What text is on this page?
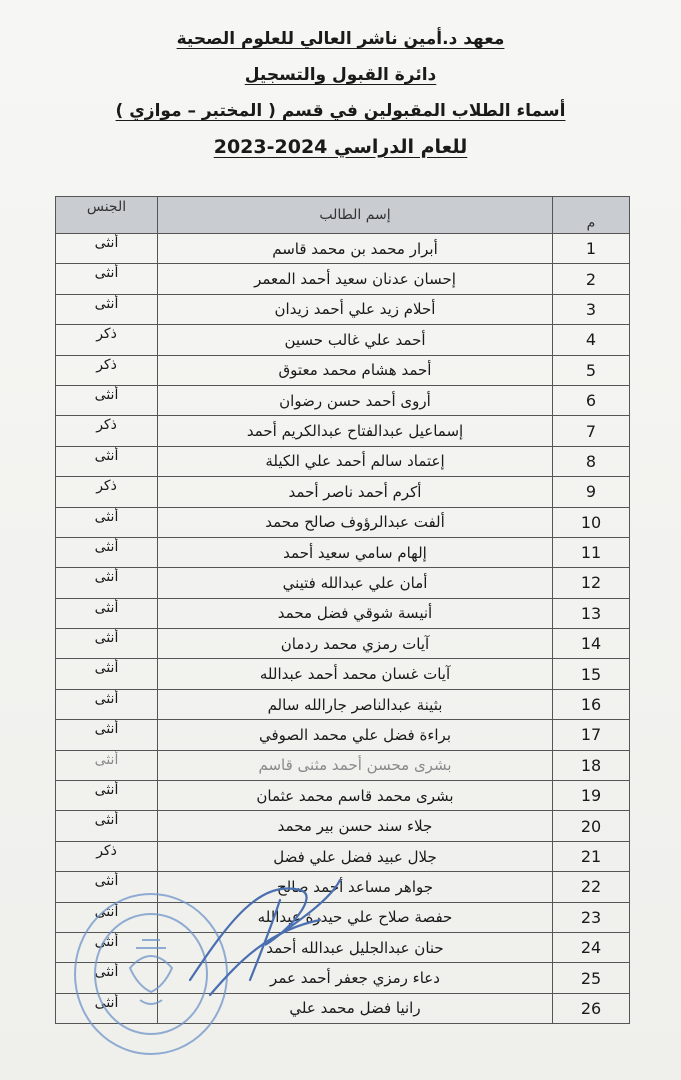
معهد د.أمين ناشر العالي للعلوم الصحية
دائرة القبول والتسجيل
أسماء الطلاب المقبولين في قسم ( المختبر – موازي )
للعام الدراسي 2024-2023
م	إسم الطالب	الجنس
1	أبرار محمد بن محمد قاسم	أنثى
2	إحسان عدنان سعيد أحمد المعمر	أنثى
3	أحلام زيد علي أحمد زيدان	أنثى
4	أحمد علي غالب حسين	ذكر
5	أحمد هشام محمد معتوق	ذكر
6	أروى أحمد حسن رضوان	أنثى
7	إسماعيل عبدالفتاح عبدالكريم أحمد	ذكر
8	إعتماد سالم أحمد علي الكيلة	أنثى
9	أكرم أحمد ناصر أحمد	ذكر
10	ألفت عبدالرؤوف صالح محمد	أنثى
11	إلهام سامي سعيد أحمد	أنثى
12	أمان علي عبدالله فتيني	أنثى
13	أنيسة شوقي فضل محمد	أنثى
14	آيات رمزي محمد ردمان	أنثى
15	آيات غسان محمد أحمد عبدالله	أنثى
16	بثينة عبدالناصر جارالله سالم	أنثى
17	براءة فضل علي محمد الصوفي	أنثى
18	بشرى محسن أحمد مثنى قاسم	أنثى
19	بشرى محمد قاسم محمد عثمان	أنثى
20	جلاء سند حسن بير محمد	أنثى
21	جلال عبيد فضل علي فضل	ذكر
22	جواهر مساعد أحمد صالح	أنثى
23	حفصة صلاح علي حيدرة عبدالله	أنثى
24	حنان عبدالجليل عبدالله أحمد	أنثى
25	دعاء رمزي جعفر أحمد عمر	أنثى
26	رانيا فضل محمد علي	أنثى
